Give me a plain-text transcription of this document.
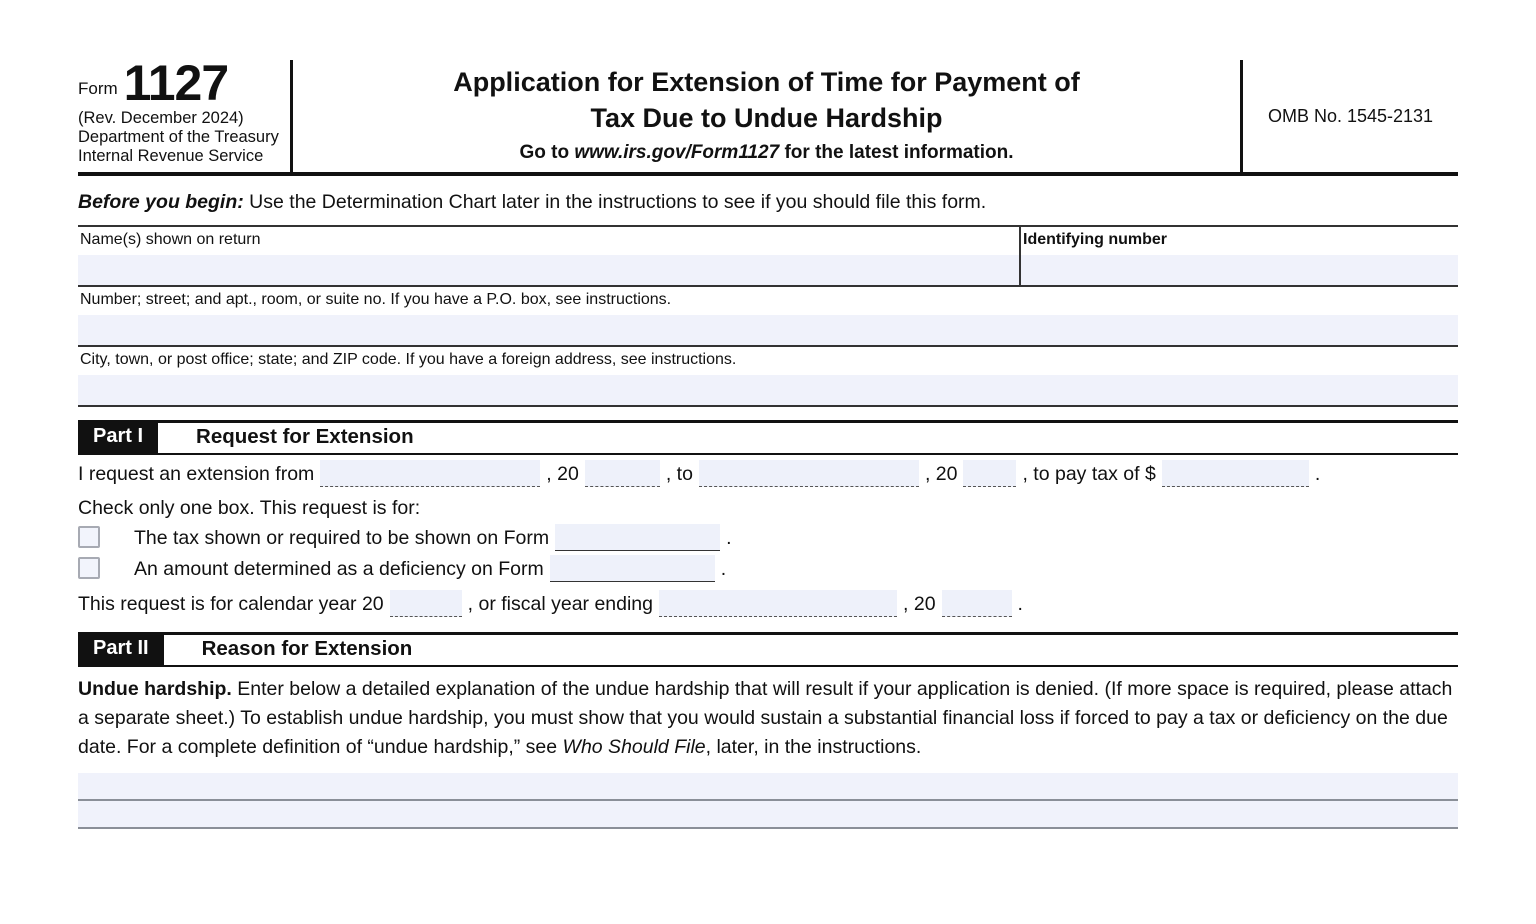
Form 1127
(Rev. December 2024)
Department of the Treasury
Internal Revenue Service
Application for Extension of Time for Payment of
Tax Due to Undue Hardship
Go to www.irs.gov/Form1127 for the latest information.
OMB No. 1545-2131
Before you begin: Use the Determination Chart later in the instructions to see if you should file this form.
Name(s) shown on return	Identifying number
Number; street; and apt., room, or suite no. If you have a P.O. box, see instructions.
City, town, or post office; state; and ZIP code. If you have a foreign address, see instructions.
Part I	Request for Extension
I request an extension from	, 20	, to	, 20	, to pay tax of $	.
Check only one box. This request is for:
The tax shown or required to be shown on Form	.
An amount determined as a deficiency on Form	.
This request is for calendar year 20	, or fiscal year ending	, 20	.
Part II	Reason for Extension
Undue hardship. Enter below a detailed explanation of the undue hardship that will result if your application is denied. (If more space is required, please attach a separate sheet.) To establish undue hardship, you must show that you would sustain a substantial financial loss if forced to pay a tax or deficiency on the due date. For a complete definition of “undue hardship,” see Who Should File, later, in the instructions.
